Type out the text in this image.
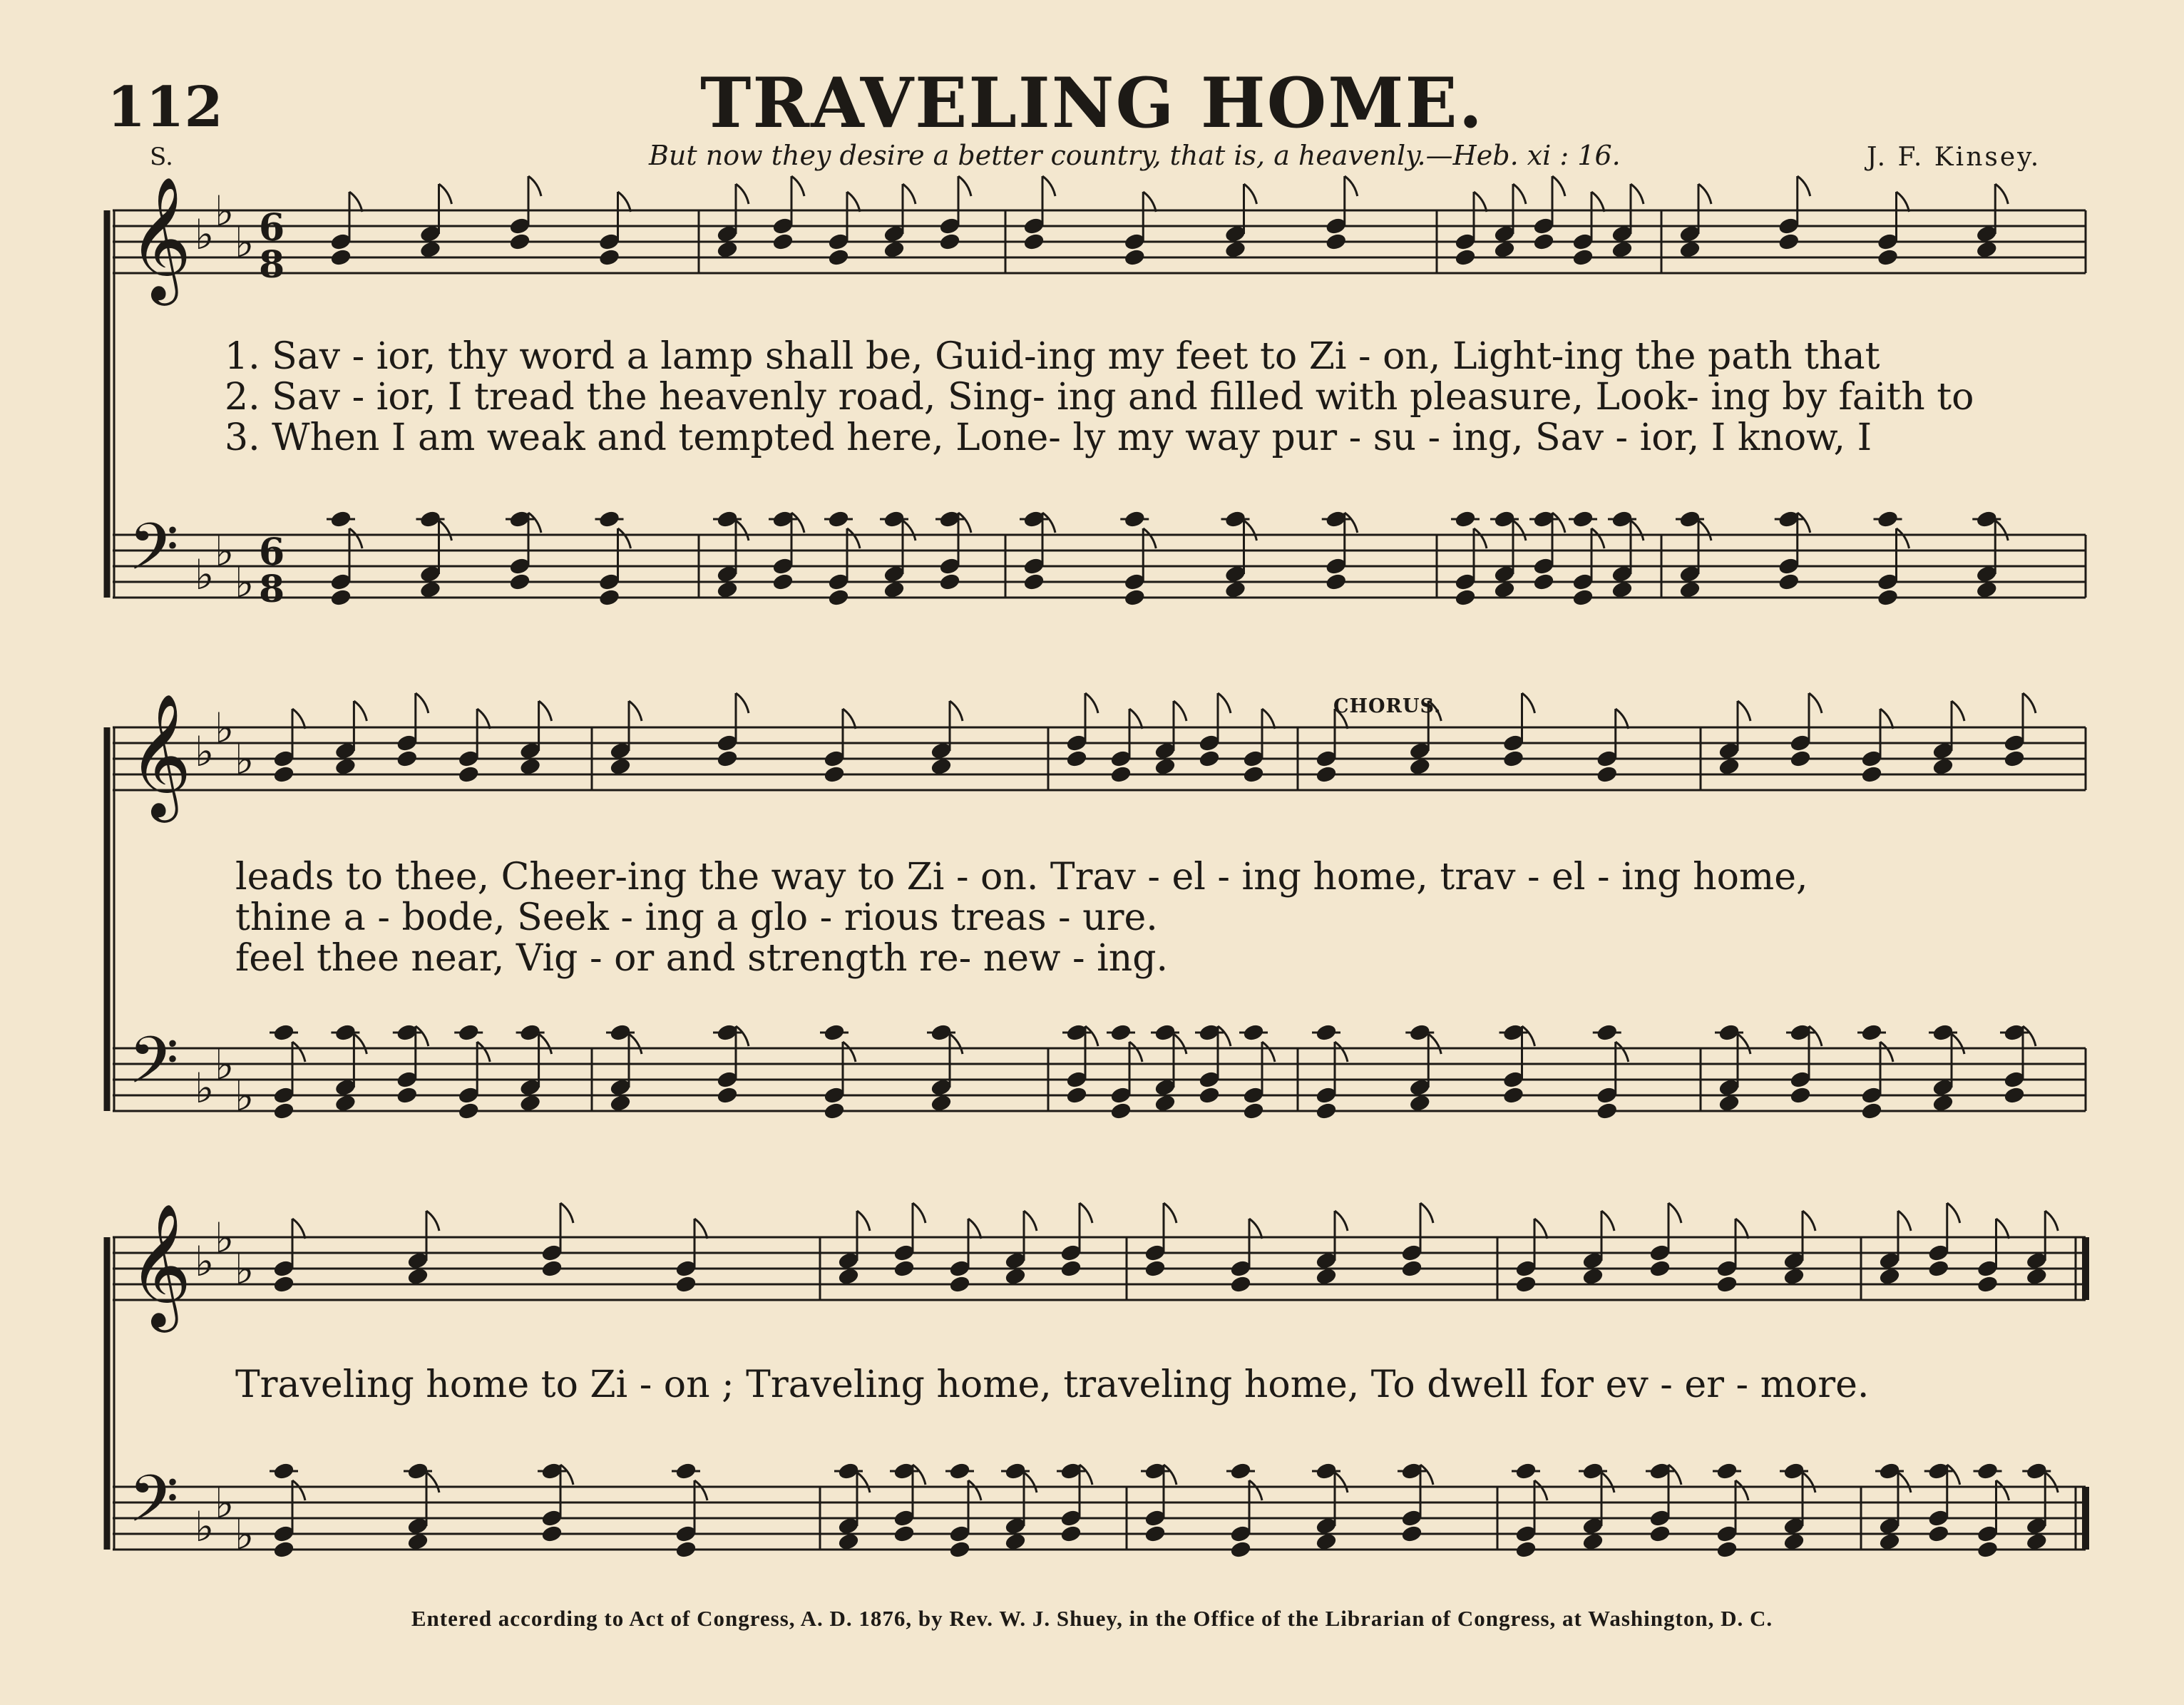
112	TRAVELING HOME.
S.	But now they desire a better country, that is, a heavenly.—Heb. xi : 16.	J. F. Kinsey.
𝄞 ♭ ♭
♭ 6
8
𝄢 ♭ ♭
♭
6
8
𝄞 ♭ ♭
♭
𝄢 ♭ ♭
♭
𝄞 ♭ ♭
♭
𝄢 ♭ ♭
♭
1. Sav - ior, thy word a lamp shall be, Guid-ing my feet to Zi - on, Light-ing the path that
2. Sav - ior, I tread the heavenly road, Sing- ing and filled with pleasure, Look- ing by faith to
3. When I am weak and tempted here, Lone- ly my way pur - su - ing, Sav - ior, I know, I
CHORUS.
leads to thee, Cheer-ing the way to Zi - on. Trav - el - ing home, trav - el - ing home,
thine a - bode, Seek - ing a glo - rious treas - ure.
feel thee near, Vig - or and strength re- new - ing.
Traveling home to Zi - on ; Traveling home, traveling home, To dwell for ev - er - more.
Entered according to Act of Congress, A. D. 1876, by Rev. W. J. Shuey, in the Office of the Librarian of Congress, at Washington, D. C.
